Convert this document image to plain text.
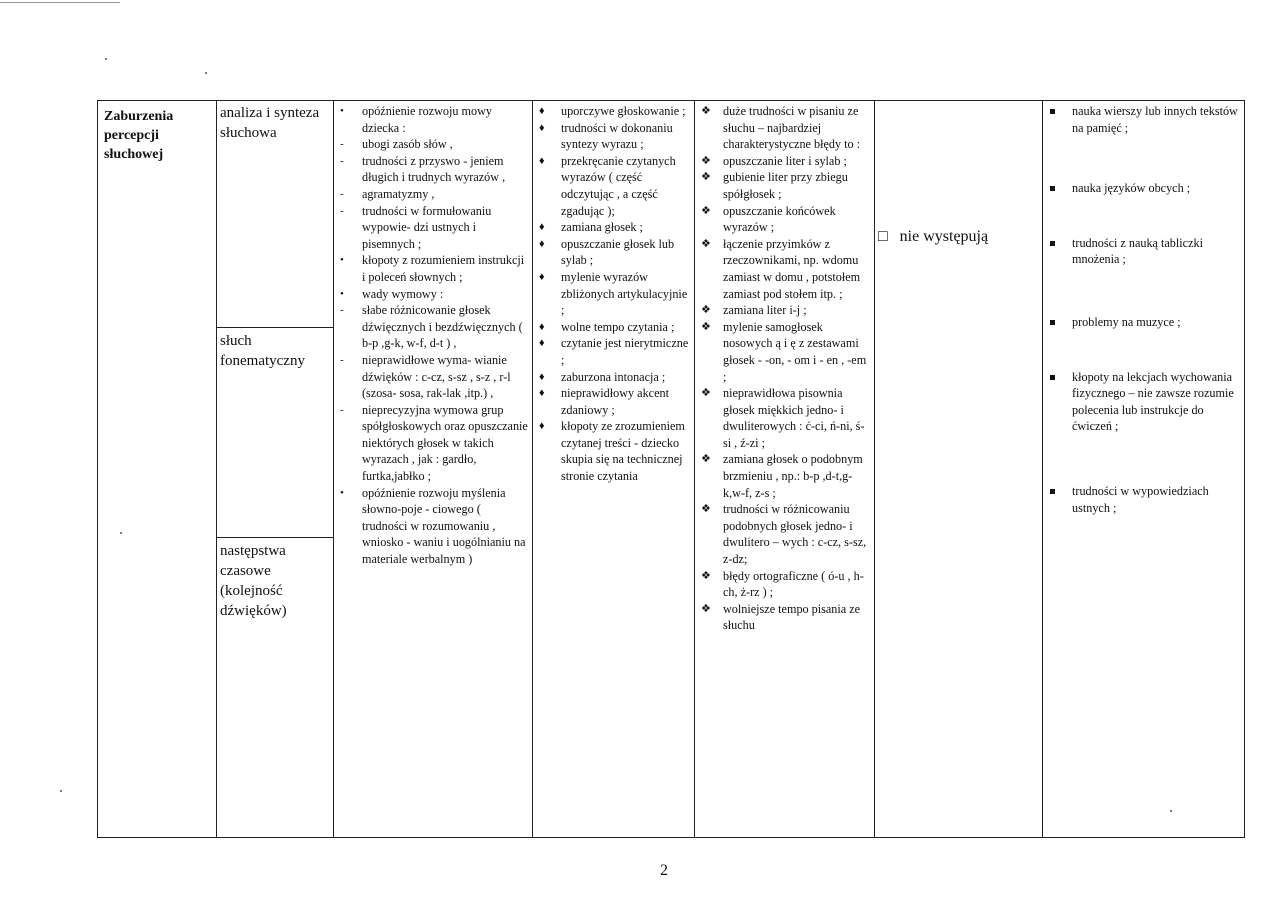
Zaburzenia percepcji słuchowej
analiza i synteza słuchowa
słuch fonematyczny
następstwa czasowe (kolejność dźwięków)
• opóźnienie rozwoju mowy dziecka :
- ubogi zasób słów ,
- trudności z przyswo - jeniem długich i trudnych wyrazów ,
- agramatyzmy ,
- trudności w formułowaniu wypowie- dzi ustnych i pisemnych ;
• kłopoty z rozumieniem instrukcji i poleceń słownych ;
• wady wymowy :
- słabe różnicowanie głosek dźwięcznych i bezdźwięcznych ( b-p ,g-k, w-f, d-t ) ,
- nieprawidłowe wyma- wianie dźwięków : c-cz, s-sz , s-z , r-l (szosa- sosa, rak-lak ,itp.) ,
- nieprecyzyjna wymowa grup spółgłoskowych oraz opuszczanie niektórych głosek w takich wyrazach , jak : gardło, furtka,jabłko ;
• opóźnienie rozwoju myślenia słowno-poje - ciowego ( trudności w rozumowaniu , wniosko - waniu i uogólnianiu na materiale werbalnym )
♦ uporczywe głoskowanie ;
♦ trudności w dokonaniu syntezy wyrazu ;
♦ przekręcanie czytanych wyrazów ( część odczytując , a część zgadując );
♦ zamiana głosek ;
♦ opuszczanie głosek lub sylab ;
♦ mylenie wyrazów zbliżonych artykulacyjnie ;
♦ wolne tempo czytania ;
♦ czytanie jest nierytmiczne ;
♦ zaburzona intonacja ;
♦ nieprawidłowy akcent zdaniowy ;
♦ kłopoty ze zrozumieniem czytanej treści - dziecko skupia się na technicznej stronie czytania
❖ duże trudności w pisaniu ze słuchu – najbardziej charakterystyczne błędy to :
❖ opuszczanie liter i sylab ;
❖ gubienie liter przy zbiegu spółgłosek ;
❖ opuszczanie końcówek wyrazów ;
❖ łączenie przyimków z rzeczownikami, np. wdomu zamiast w domu , potstołem zamiast pod stołem itp. ;
❖ zamiana liter i-j ;
❖ mylenie samogłosek nosowych ą i ę z zestawami głosek - -on, - om i - en , -em ;
❖ nieprawidłowa pisownia głosek miękkich jedno- i dwuliterowych : ć-ci, ń-ni, ś-si , ź-zi ;
❖ zamiana głosek o podobnym brzmieniu , np.: b-p ,d-t,g-k,w-f, z-s ;
❖ trudności w różnicowaniu podobnych głosek jedno- i dwulitero – wych : c-cz, s-sz, z-dz;
❖ błędy ortograficzne ( ó-u , h-ch, ż-rz ) ;
❖ wolniejsze tempo pisania ze słuchu
□ nie występują
nauka wierszy lub innych tekstów na pamięć ;
nauka języków obcych ;
trudności z nauką tabliczki mnożenia ;
problemy na muzyce ;
kłopoty na lekcjach wychowania fizycznego – nie zawsze rozumie polecenia lub instrukcje do ćwiczeń ;
trudności w wypowiedziach ustnych ;
2
